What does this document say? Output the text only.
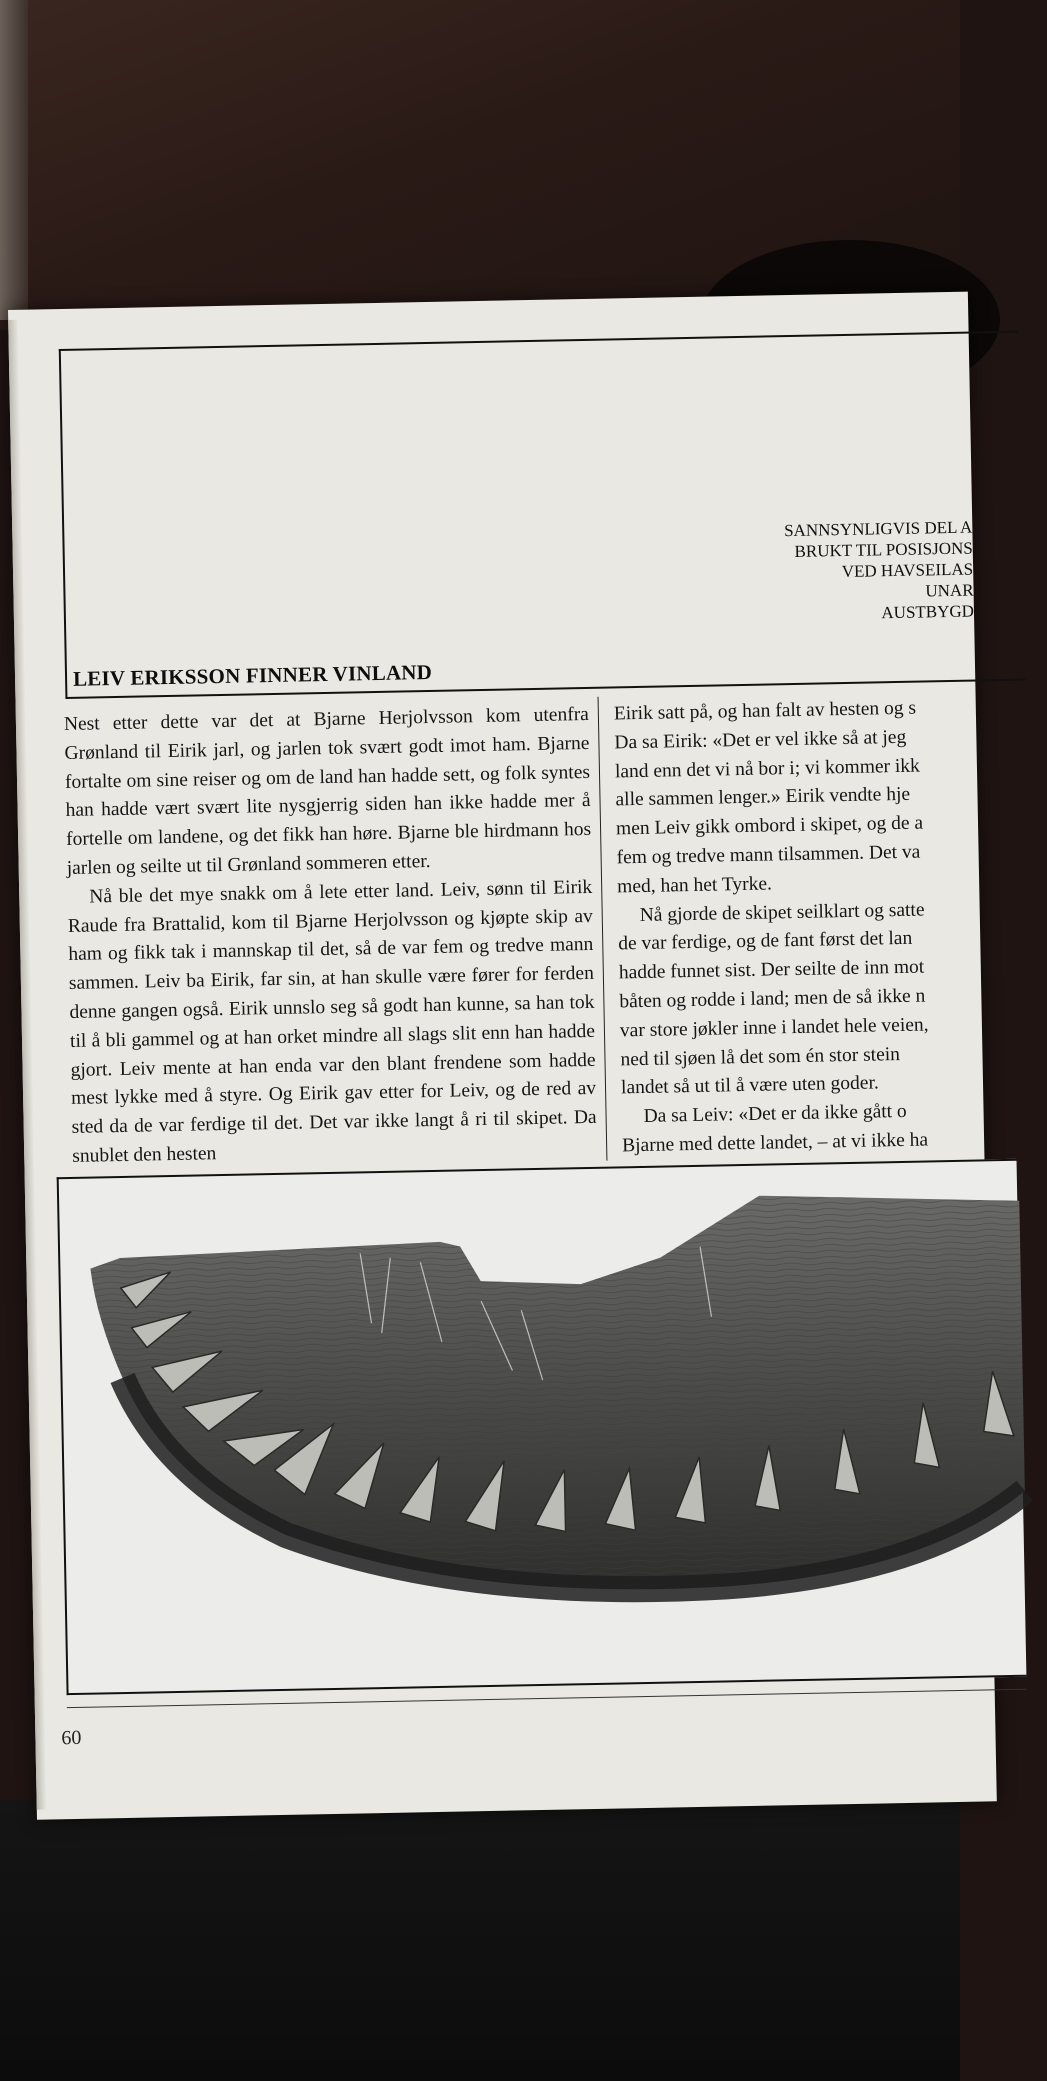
SANNSYNLIGVIS DEL A
BRUKT TIL POSISJONS
VED HAVSEILAS
UNAR
AUSTBYGD
LEIV ERIKSSON FINNER VINLAND

Nest etter dette var det at Bjarne Herjolvsson kom utenfra Grønland til Eirik jarl, og jarlen tok svært godt imot ham. Bjarne fortalte om sine reiser og om de land han hadde sett, og folk syntes han hadde vært svært lite nysgjerrig siden han ikke hadde mer å fortelle om landene, og det fikk han høre. Bjarne ble hirdmann hos jarlen og seilte ut til Grønland sommeren etter.

Nå ble det mye snakk om å lete etter land. Leiv, sønn til Eirik Raude fra Brattalid, kom til Bjarne Herjolvsson og kjøpte skip av ham og fikk tak i mannskap til det, så de var fem og tredve mann sammen. Leiv ba Eirik, far sin, at han skulle være fører for ferden denne gangen også. Eirik unnslo seg så godt han kunne, sa han tok til å bli gammel og at han orket mindre all slags slit enn han hadde gjort. Leiv mente at han enda var den blant frendene som hadde mest lykke med å styre. Og Eirik gav etter for Leiv, og de red av sted da de var ferdige til det. Det var ikke langt å ri til skipet. Da snublet den hesten

Eirik satt på, og han falt av hesten og s
Da sa Eirik: «Det er vel ikke så at jeg
land enn det vi nå bor i; vi kommer ikk
alle sammen lenger.» Eirik vendte hje
men Leiv gikk ombord i skipet, og de a
fem og tredve mann tilsammen. Det va
med, han het Tyrke.
Nå gjorde de skipet seilklart og satte
de var ferdige, og de fant først det lan
hadde funnet sist. Der seilte de inn mot
båten og rodde i land; men de så ikke n
var store jøkler inne i landet hele veien,
ned til sjøen lå det som én stor stein
landet så ut til å være uten goder.
Da sa Leiv: «Det er da ikke gått o
Bjarne med dette landet, – at vi ikke ha
60
